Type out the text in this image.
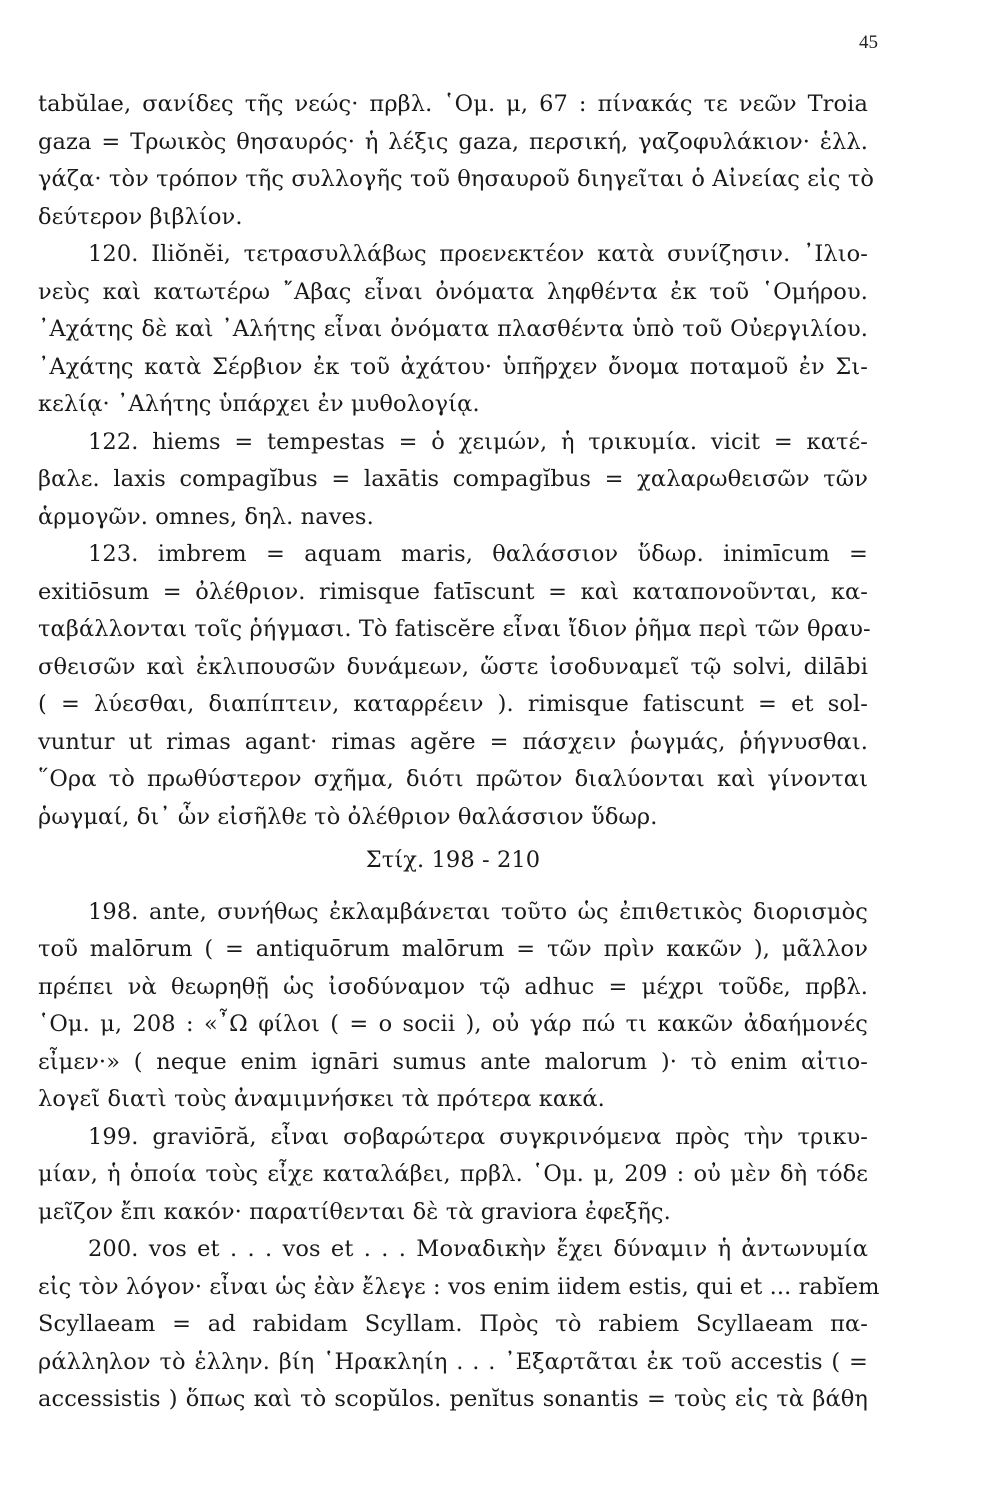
45
tabŭlae, σανίδες τῆς νεώς· πρβλ. ῾Ομ. μ, 67 : πίνακάς τε νεῶν Troia
gaza = Τρωικὸς θησαυρός· ἡ λέξις gaza, περσική, γαζοφυλάκιον· ἑλλ.
γάζα· τὸν τρόπον τῆς συλλογῆς τοῦ θησαυροῦ διηγεῖται ὁ Αἰνείας εἰς τὸ
δεύτερον βιβλίον.
120. Iliŏnĕi, τετρασυλλάβως προενεκτέον κατὰ συνίζησιν. ᾽Ιλιο-
νεὺς καὶ κατωτέρω ῎Αβας εἶναι ὀνόματα ληφθέντα ἐκ τοῦ ῾Ομήρου.
᾽Αχάτης δὲ καὶ ᾽Αλήτης εἶναι ὀνόματα πλασθέντα ὑπὸ τοῦ Οὐεργιλίου.
᾽Αχάτης κατὰ Σέρβιον ἐκ τοῦ ἀχάτου· ὑπῆρχεν ὄνομα ποταμοῦ ἐν Σι-
κελίᾳ· ᾽Αλήτης ὑπάρχει ἐν μυθολογίᾳ.
122. hiems = tempestas = ὁ χειμών, ἡ τρικυμία. vicit = κατέ-
βαλε. laxis compagĭbus = laxātis compagĭbus = χαλαρωθεισῶν τῶν
ἁρμογῶν. omnes, δηλ. naves.
123. imbrem = aquam maris, θαλάσσιον ὕδωρ. inimīcum =
exitiōsum = ὀλέθριον. rimisque fatīscunt = καὶ καταπονοῦνται, κα-
ταβάλλονται τοῖς ῥήγμασι. Τὸ fatiscĕre εἶναι ἴδιον ῥῆμα περὶ τῶν θραυ-
σθεισῶν καὶ ἐκλιπουσῶν δυνάμεων, ὥστε ἰσοδυναμεῖ τῷ solvi, dilābi
( = λύεσθαι, διαπίπτειν, καταρρέειν ). rimisque fatiscunt = et sol-
vuntur ut rimas agant· rimas agĕre = πάσχειν ῥωγμάς, ῥήγνυσθαι.
῞Ορα τὸ πρωθύστερον σχῆμα, διότι πρῶτον διαλύονται καὶ γίνονται
ῥωγμαί, δι᾽ ὧν εἰσῆλθε τὸ ὀλέθριον θαλάσσιον ὕδωρ.
Στίχ. 198 - 210
198. ante, συνήθως ἐκλαμβάνεται τοῦτο ὡς ἐπιθετικὸς διορισμὸς
τοῦ malōrum ( = antiquōrum malōrum = τῶν πρὶν κακῶν ), μᾶλλον
πρέπει νὰ θεωρηθῇ ὡς ἰσοδύναμον τῷ adhuc = μέχρι τοῦδε, πρβλ.
῾Ομ. μ, 208 : «῏Ω φίλοι ( = o socii ), οὐ γάρ πώ τι κακῶν ἀδαήμονές
εἶμεν·» ( neque enim ignāri sumus ante malorum )· τὸ enim αἰτιο-
λογεῖ διατὶ τοὺς ἀναμιμνήσκει τὰ πρότερα κακά.
199. graviōră, εἶναι σοβαρώτερα συγκρινόμενα πρὸς τὴν τρικυ-
μίαν, ἡ ὁποία τοὺς εἶχε καταλάβει, πρβλ. ῾Ομ. μ, 209 : οὐ μὲν δὴ τόδε
μεῖζον ἔπι κακόν· παρατίθενται δὲ τὰ graviora ἐφεξῆς.
200. vos et . . . vos et . . . Μοναδικὴν ἔχει δύναμιν ἡ ἀντωνυμία
εἰς τὸν λόγον· εἶναι ὡς ἐὰν ἔλεγε : vos enim iidem estis, qui et ... rabĭem
Scyllaeam = ad rabidam Scyllam. Πρὸς τὸ rabiem Scyllaeam πα-
ράλληλον τὸ ἑλλην. βίη ῾Ηρακληίη . . . ᾽Εξαρτᾶται ἐκ τοῦ accestis ( =
accessistis ) ὅπως καὶ τὸ scopŭlos. penĭtus sonantis = τοὺς εἰς τὰ βάθη
